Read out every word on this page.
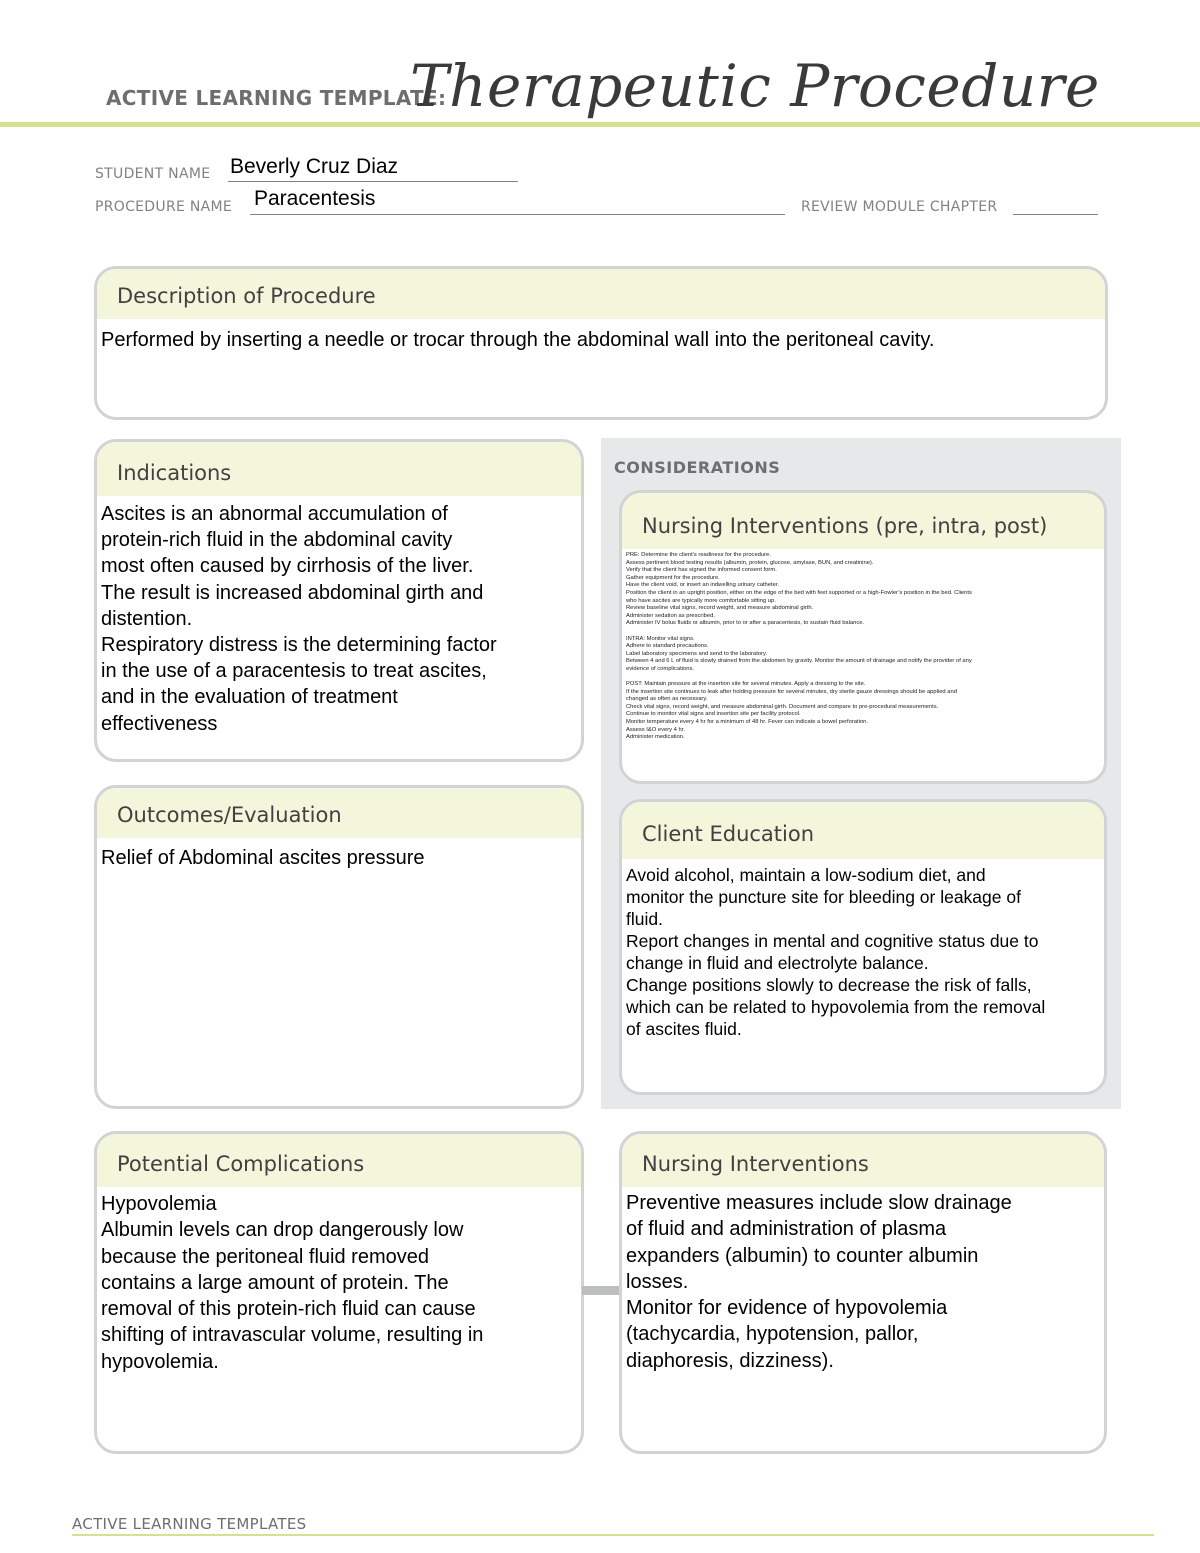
ACTIVE LEARNING TEMPLATE:
Therapeutic Procedure
STUDENT NAME Beverly Cruz Diaz
PROCEDURE NAME Paracentesis	REVIEW MODULE CHAPTER
Description of Procedure
Performed by inserting a needle or trocar through the abdominal wall into the peritoneal cavity.
Indications
Ascites is an abnormal accumulation of
protein-rich fluid in the abdominal cavity
most often caused by cirrhosis of the liver.
The result is increased abdominal girth and
distention.
Respiratory distress is the determining factor
in the use of a paracentesis to treat ascites,
and in the evaluation of treatment
effectiveness
Outcomes/Evaluation
Relief of Abdominal ascites pressure
CONSIDERATIONS
Nursing Interventions (pre, intra, post)
PRE: Determine the client’s readiness for the procedure.
Assess pertinent blood testing results (albumin, protein, glucose, amylase, BUN, and creatinine).
Verify that the client has signed the informed consent form.
Gather equipment for the procedure.
Have the client void, or insert an indwelling urinary catheter.
Position the client in an upright position, either on the edge of the bed with feet supported or a high-Fowler’s position in the bed. Clients
who have ascites are typically more comfortable sitting up.
Review baseline vital signs, record weight, and measure abdominal girth.
Administer sedation as prescribed.
Administer IV bolus fluids or albumin, prior to or after a paracentesis, to sustain fluid balance.
INTRA: Monitor vital signs.
Adhere to standard precautions.
Label laboratory specimens and send to the laboratory.
Between 4 and 6 L of fluid is slowly drained from the abdomen by gravity. Monitor the amount of drainage and notify the provider of any
evidence of complications.
POST: Maintain pressure at the insertion site for several minutes. Apply a dressing to the site.
If the insertion site continues to leak after holding pressure for several minutes, dry sterile gauze dressings should be applied and
changed as often as necessary.
Check vital signs, record weight, and measure abdominal girth. Document and compare to pre-procedural measurements.
Continue to monitor vital signs and insertion site per facility protocol.
Monitor temperature every 4 hr for a minimum of 48 hr. Fever can indicate a bowel perforation.
Assess I&O every 4 hr.
Administer medication.
Client Education
Avoid alcohol, maintain a low-sodium diet, and
monitor the puncture site for bleeding or leakage of
fluid.
Report changes in mental and cognitive status due to
change in fluid and electrolyte balance.
Change positions slowly to decrease the risk of falls,
which can be related to hypovolemia from the removal
of ascites fluid.
Potential Complications
Hypovolemia
Albumin levels can drop dangerously low
because the peritoneal fluid removed
contains a large amount of protein. The
removal of this protein-rich fluid can cause
shifting of intravascular volume, resulting in
hypovolemia.
Nursing Interventions
Preventive measures include slow drainage
of fluid and administration of plasma
expanders (albumin) to counter albumin
losses.
Monitor for evidence of hypovolemia
(tachycardia, hypotension, pallor,
diaphoresis, dizziness).
ACTIVE LEARNING TEMPLATES
